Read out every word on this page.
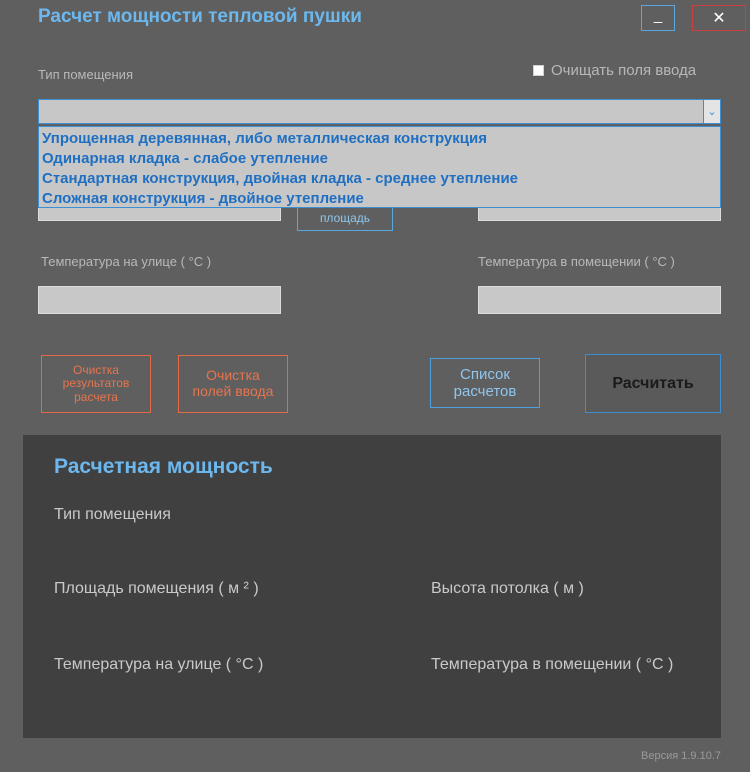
Расчет мощности тепловой пушки	_	✕
Тип помещения	Очищать поля ввода
площадь
⌄
Упрощенная деревянная, либо металлическая конструкция
Одинарная кладка - слабое утепление
Стандартная конструкция, двойная кладка - среднее утепление
Сложная конструкция - двойное утепление
Температура на улице ( °C )	Температура в помещении ( °C )
Очистка результатов расчета
Очистка полей ввода
Список расчетов	Расчитать
Расчетная мощность
Тип помещения
Площадь помещения ( м ² )	Высота потолка ( м )
Температура на улице ( °C )	Температура в помещении ( °C )
Версия 1.9.10.7
